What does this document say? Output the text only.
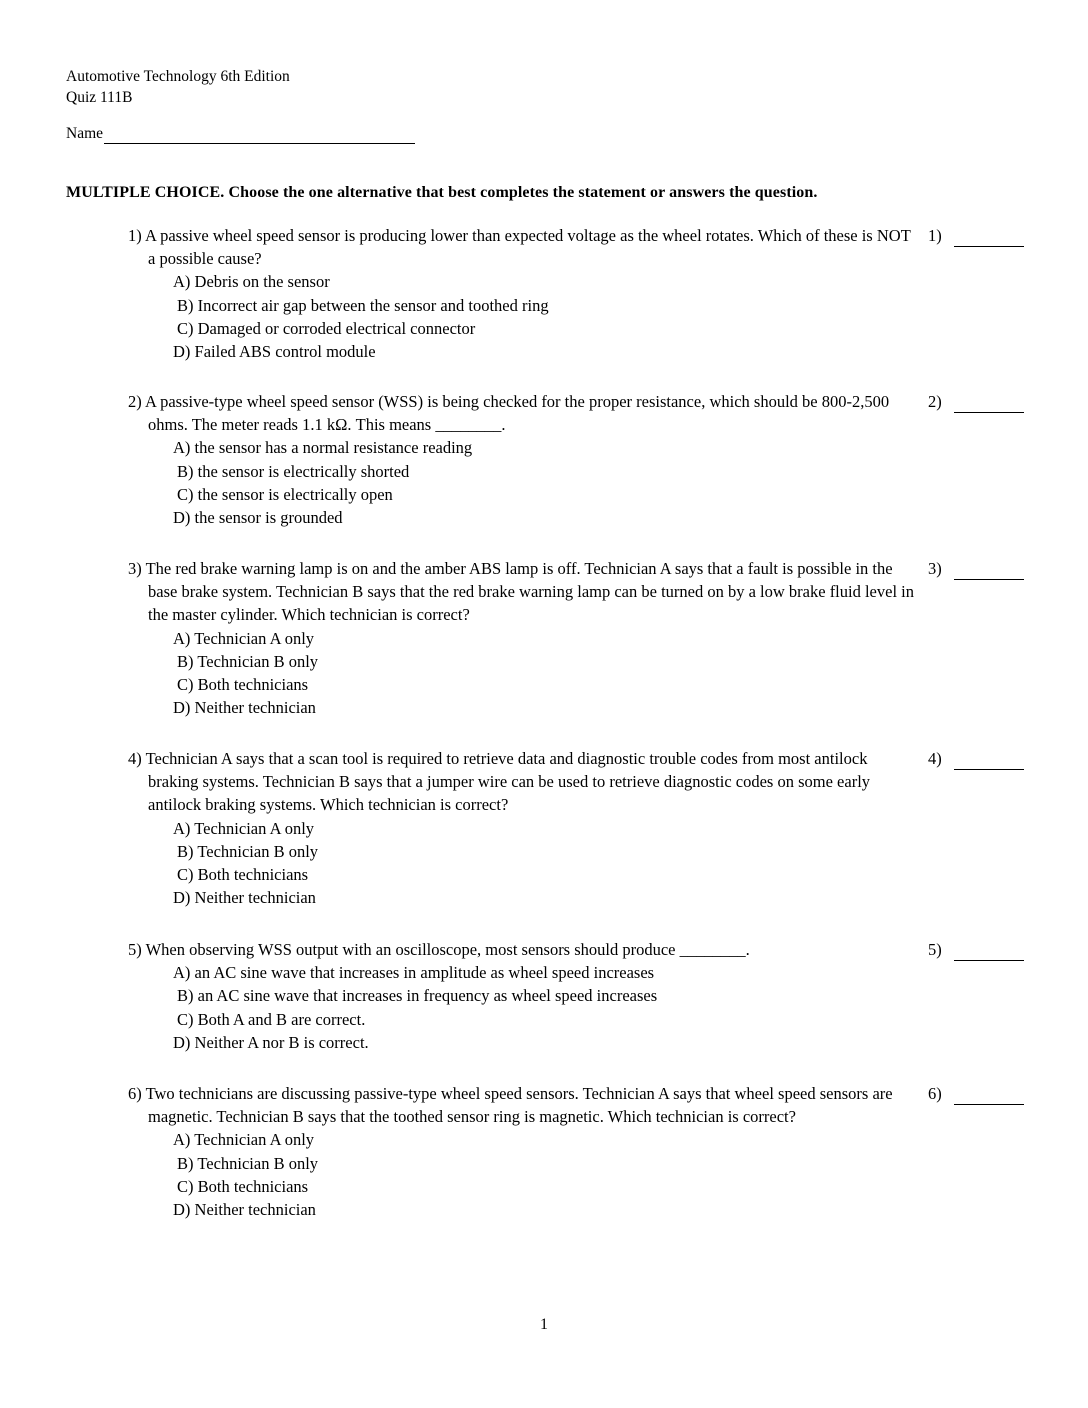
Automotive Technology 6th Edition
Quiz 111B
Name
MULTIPLE CHOICE. Choose the one alternative that best completes the statement or answers the question.
1) A passive wheel speed sensor is producing lower than expected voltage as the wheel rotates. Which of these is NOT a possible cause?
A) Debris on the sensor
B) Incorrect air gap between the sensor and toothed ring
C) Damaged or corroded electrical connector
D) Failed ABS control module
1)
2) A passive-type wheel speed sensor (WSS) is being checked for the proper resistance, which should be 800-2,500 ohms. The meter reads 1.1 kΩ. This means ________.
A) the sensor has a normal resistance reading
B) the sensor is electrically shorted
C) the sensor is electrically open
D) the sensor is grounded
2)
3) The red brake warning lamp is on and the amber ABS lamp is off. Technician A says that a fault is possible in the base brake system. Technician B says that the red brake warning lamp can be turned on by a low brake fluid level in the master cylinder. Which technician is correct?
A) Technician A only
B) Technician B only
C) Both technicians
D) Neither technician
3)
4) Technician A says that a scan tool is required to retrieve data and diagnostic trouble codes from most antilock braking systems. Technician B says that a jumper wire can be used to retrieve diagnostic codes on some early antilock braking systems. Which technician is correct?
A) Technician A only
B) Technician B only
C) Both technicians
D) Neither technician
4)
5) When observing WSS output with an oscilloscope, most sensors should produce ________.
A) an AC sine wave that increases in amplitude as wheel speed increases
B) an AC sine wave that increases in frequency as wheel speed increases
C) Both A and B are correct.
D) Neither A nor B is correct.
5)
6) Two technicians are discussing passive-type wheel speed sensors. Technician A says that wheel speed sensors are magnetic. Technician B says that the toothed sensor ring is magnetic. Which technician is correct?
A) Technician A only
B) Technician B only
C) Both technicians
D) Neither technician
6)
1
